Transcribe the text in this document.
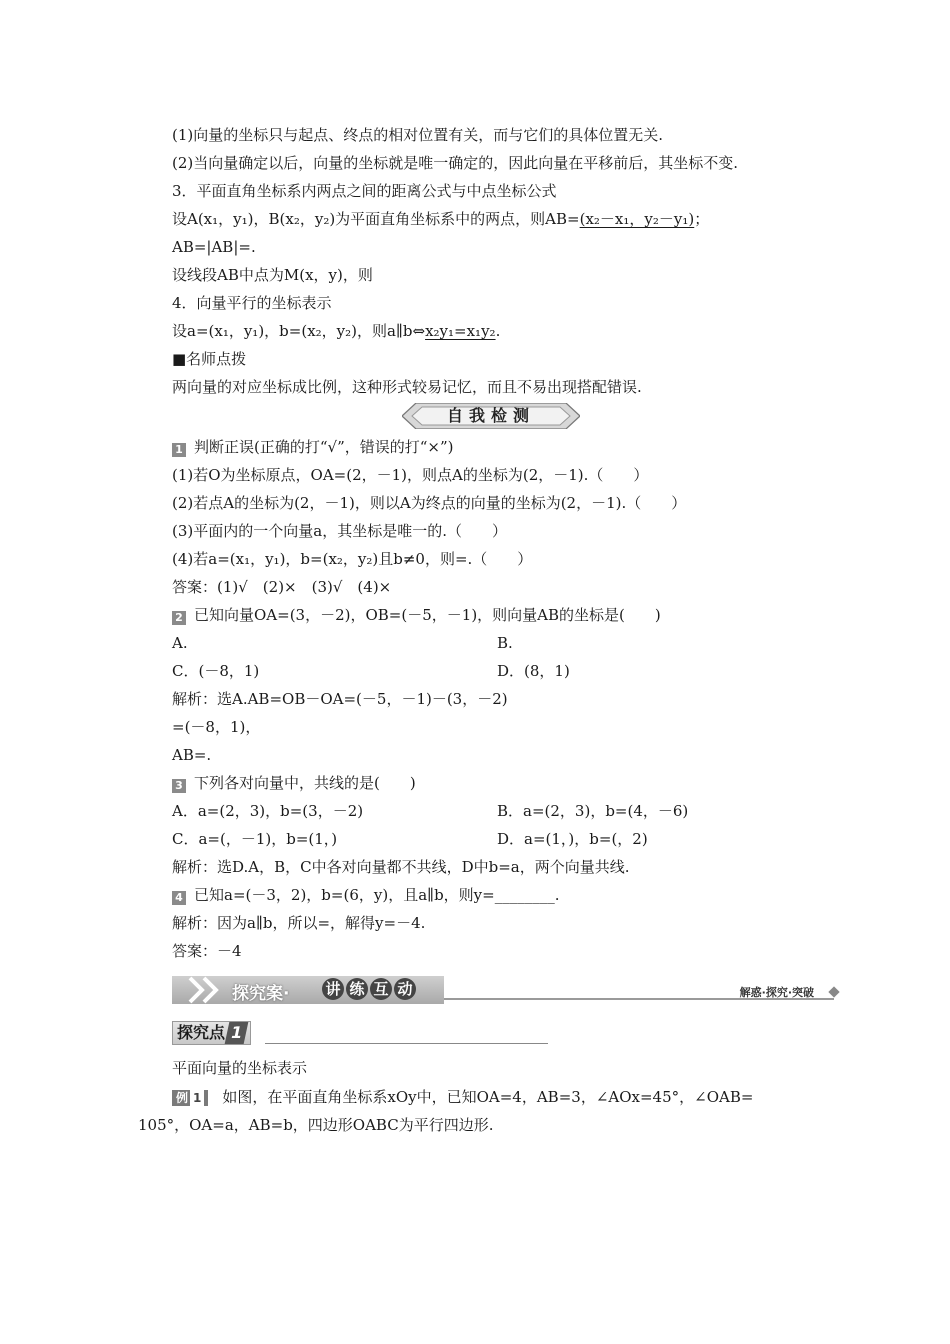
(1)向量的坐标只与起点、终点的相对位置有关，而与它们的具体位置无关.
(2)当向量确定以后，向量的坐标就是唯一确定的，因此向量在平移前后，其坐标不变.
3．平面直角坐标系内两点之间的距离公式与中点坐标公式
设A(x₁，y₁)，B(x₂，y₂)为平面直角坐标系中的两点，则AB=(x₂－x₁，y₂－y₁)；
AB=|AB|=.
设线段AB中点为M(x，y)，则
4．向量平行的坐标表示
设a=(x₁，y₁)，b=(x₂，y₂)，则a∥b⇔x₂y₁=x₁y₂.
■名师点拨
两向量的对应坐标成比例，这种形式较易记忆，而且不易出现搭配错误.
自我检测
1 判断正误(正确的打“√”，错误的打“×”)
(1)若O为坐标原点，OA=(2，－1)，则点A的坐标为(2，－1).（　　）
(2)若点A的坐标为(2，－1)，则以A为终点的向量的坐标为(2，－1).（　　）
(3)平面内的一个向量a，其坐标是唯一的.（　　）
(4)若a=(x₁，y₁)，b=(x₂，y₂)且b≠0，则=.（　　）
答案：(1)√　(2)×　(3)√　(4)×
2 已知向量OA=(3，－2)，OB=(－5，－1)，则向量AB的坐标是(　　)
A.	B.
C．(－8，1)	D．(8，1)
解析：选A.AB=OB－OA=(－5，－1)－(3，－2)
=(－8，1)，
AB=.
3 下列各对向量中，共线的是(　　)
A．a=(2，3)，b=(3，－2)	B．a=(2，3)，b=(4，－6)
C．a=(，－1)，b=(1，)	D．a=(1，)，b=(，2)
解析：选D.A，B，C中各对向量都不共线，D中b=a，两个向量共线.
4 已知a=(－3，2)，b=(6，y)，且a∥b，则y=________.
解析：因为a∥b，所以=，解得y=－4.
答案：－4
探究案· 讲 练 互 动	解惑·探究·突破
探究点 1
平面向量的坐标表示
例 1 如图，在平面直角坐标系xOy中，已知OA=4，AB=3，∠AOx=45°，∠OAB=
105°，OA=a，AB=b，四边形OABC为平行四边形.
